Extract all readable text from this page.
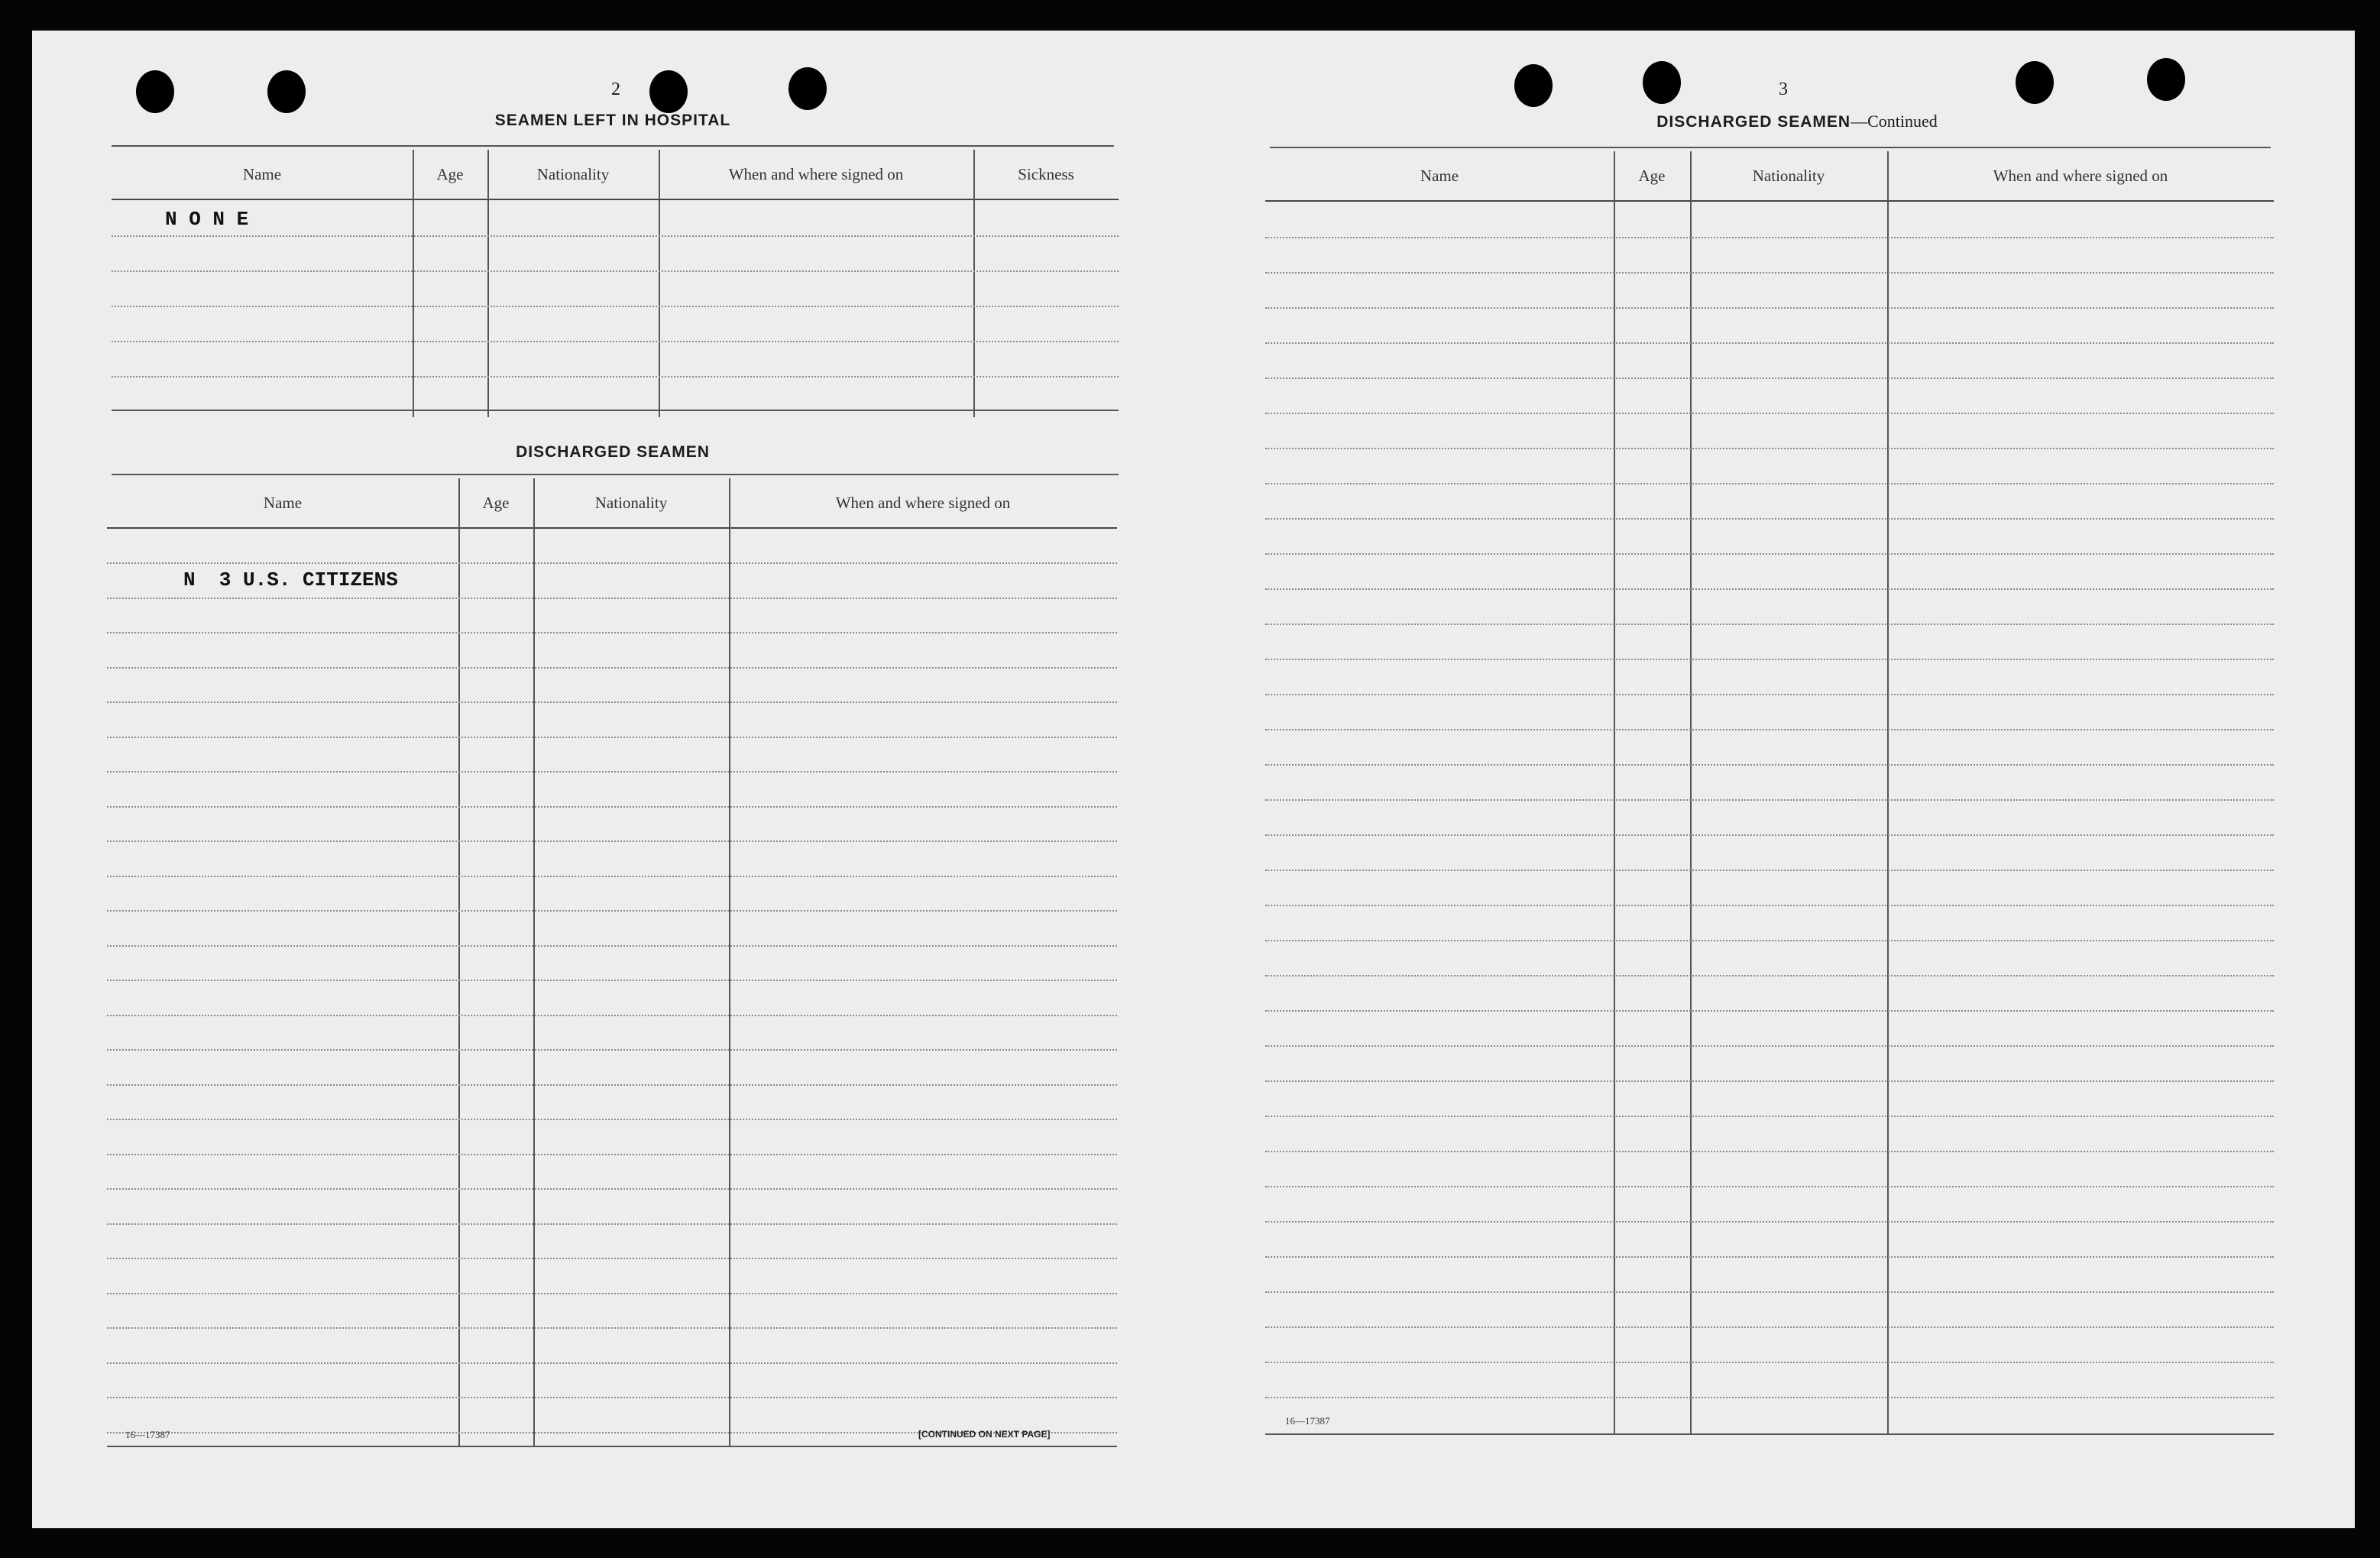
2
SEAMEN LEFT IN HOSPITAL
Name	Age	Nationality	When and where signed on	Sickness
N O N E
DISCHARGED SEAMEN
Name	Age	Nationality	When and where signed on
N  3 U.S. CITIZENS
16—17387	[CONTINUED ON NEXT PAGE]
3
DISCHARGED SEAMEN—Continued
Name	Age	Nationality	When and where signed on
16—17387
